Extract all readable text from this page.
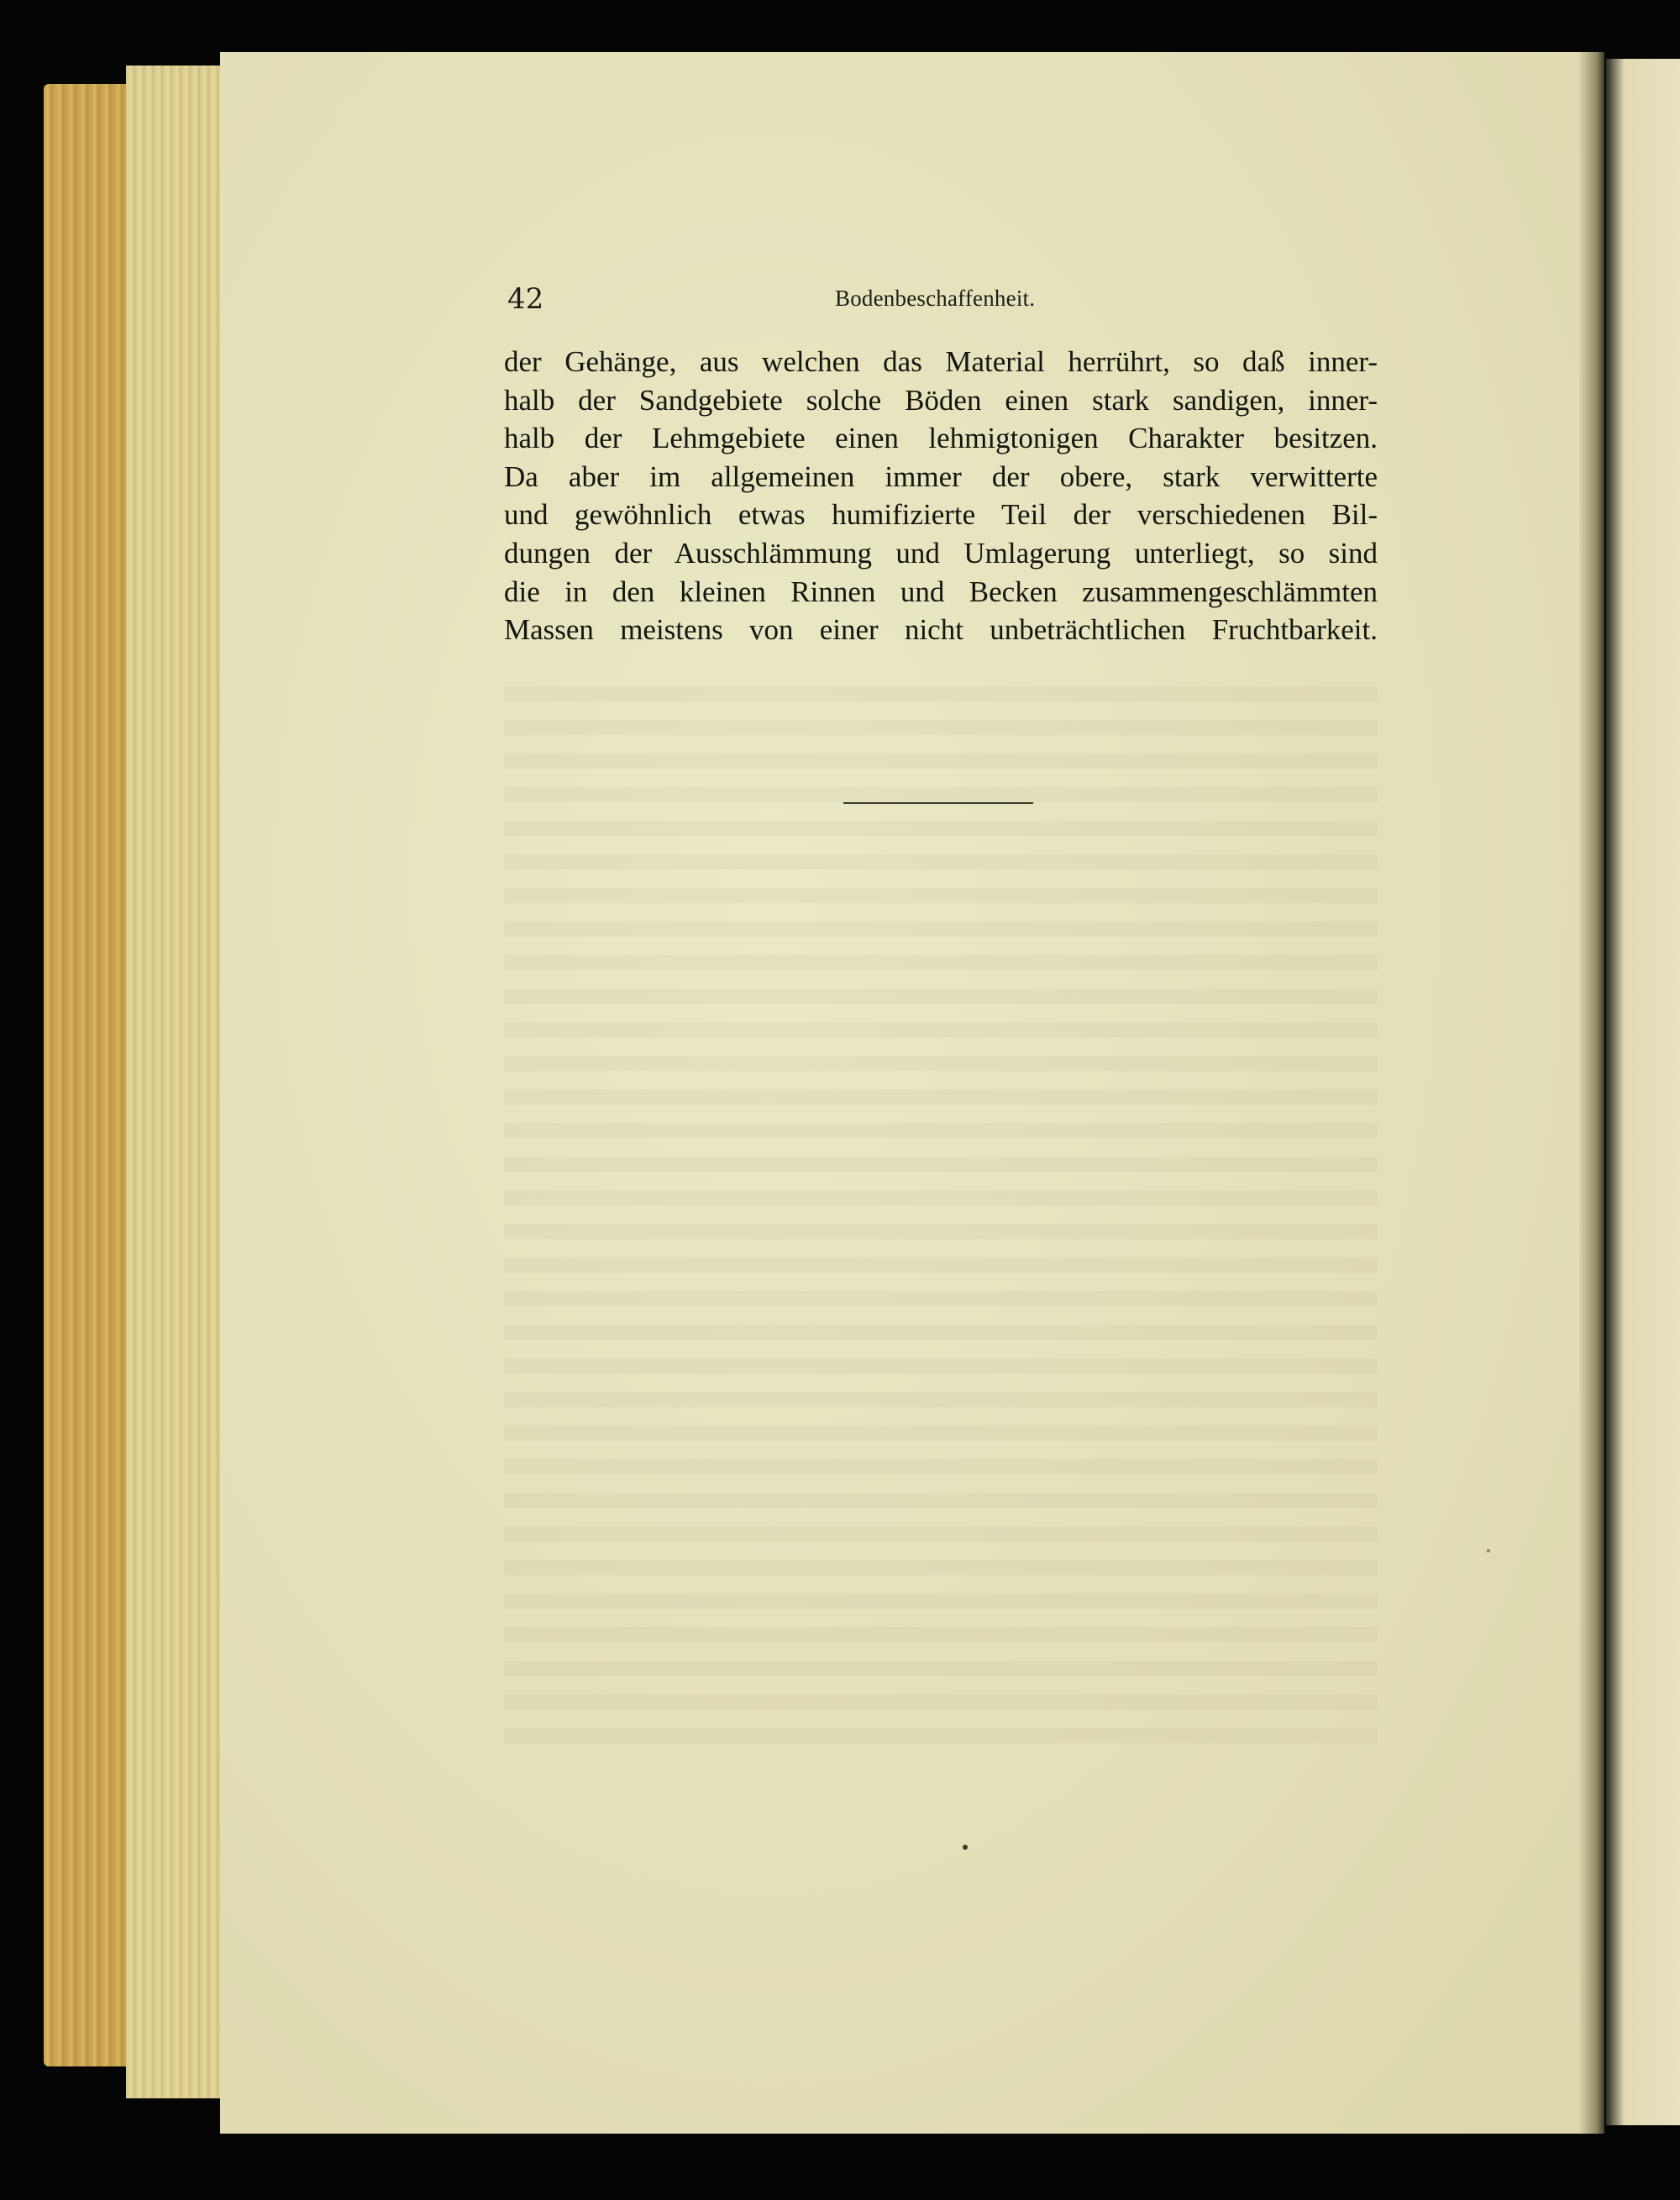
42	Bodenbeschaffenheit.
der Gehänge, aus welchen das Material herrührt, so daß inner-
halb der Sandgebiete solche Böden einen stark sandigen, inner-
halb der Lehmgebiete einen lehmigtonigen Charakter besitzen.
Da aber im allgemeinen immer der obere, stark verwitterte
und gewöhnlich etwas humifizierte Teil der verschiedenen Bil-
dungen der Ausschlämmung und Umlagerung unterliegt, so sind
die in den kleinen Rinnen und Becken zusammengeschlämmten
Massen meistens von einer nicht unbeträchtlichen Fruchtbarkeit.
